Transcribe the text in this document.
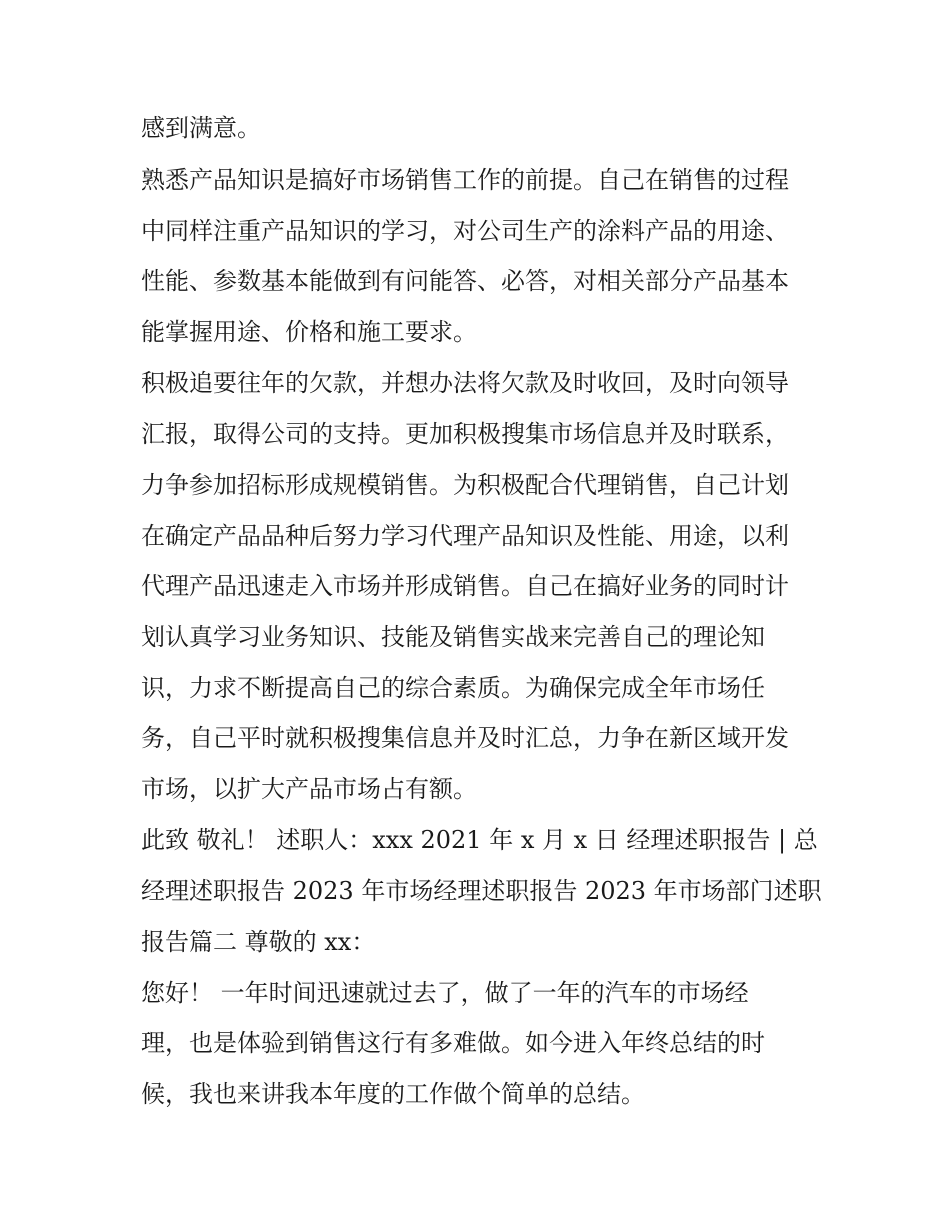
感到满意。
熟悉产品知识是搞好市场销售工作的前提。自己在销售的过程
中同样注重产品知识的学习，对公司生产的涂料产品的用途、
性能、参数基本能做到有问能答、必答，对相关部分产品基本
能掌握用途、价格和施工要求。
积极追要往年的欠款，并想办法将欠款及时收回，及时向领导
汇报，取得公司的支持。更加积极搜集市场信息并及时联系，
力争参加招标形成规模销售。为积极配合代理销售，自己计划
在确定产品品种后努力学习代理产品知识及性能、用途，以利
代理产品迅速走入市场并形成销售。自己在搞好业务的同时计
划认真学习业务知识、技能及销售实战来完善自己的理论知
识，力求不断提高自己的综合素质。为确保完成全年市场任
务，自己平时就积极搜集信息并及时汇总，力争在新区域开发
市场，以扩大产品市场占有额。
此致 敬礼！ 述职人：xxx 2021 年 x 月 x 日 经理述职报告 | 总
经理述职报告 2023 年市场经理述职报告 2023 年市场部门述职
报告篇二 尊敬的 xx：
您好！ 一年时间迅速就过去了，做了一年的汽车的市场经
理，也是体验到销售这行有多难做。如今进入年终总结的时
候，我也来讲我本年度的工作做个简单的总结。
